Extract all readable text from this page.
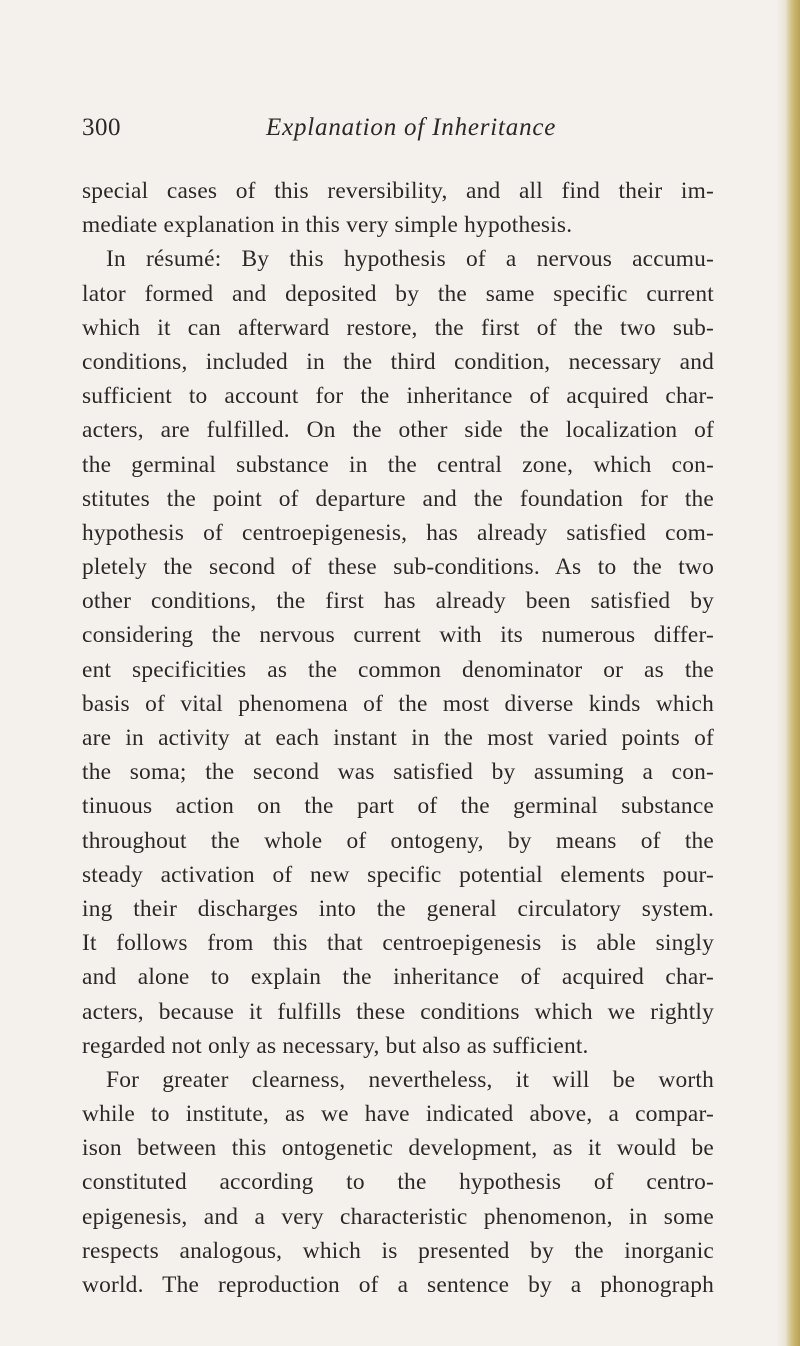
300	Explanation of Inheritance
special cases of this reversibility, and all find their im-
mediate explanation in this very simple hypothesis.
In résumé: By this hypothesis of a nervous accumu-
lator formed and deposited by the same specific current
which it can afterward restore, the first of the two sub-
conditions, included in the third condition, necessary and
sufficient to account for the inheritance of acquired char-
acters, are fulfilled. On the other side the localization of
the germinal substance in the central zone, which con-
stitutes the point of departure and the foundation for the
hypothesis of centroepigenesis, has already satisfied com-
pletely the second of these sub-conditions. As to the two
other conditions, the first has already been satisfied by
considering the nervous current with its numerous differ-
ent specificities as the common denominator or as the
basis of vital phenomena of the most diverse kinds which
are in activity at each instant in the most varied points of
the soma; the second was satisfied by assuming a con-
tinuous action on the part of the germinal substance
throughout the whole of ontogeny, by means of the
steady activation of new specific potential elements pour-
ing their discharges into the general circulatory system.
It follows from this that centroepigenesis is able singly
and alone to explain the inheritance of acquired char-
acters, because it fulfills these conditions which we rightly
regarded not only as necessary, but also as sufficient.
For greater clearness, nevertheless, it will be worth
while to institute, as we have indicated above, a compar-
ison between this ontogenetic development, as it would be
constituted according to the hypothesis of centro-
epigenesis, and a very characteristic phenomenon, in some
respects analogous, which is presented by the inorganic
world. The reproduction of a sentence by a phonograph
